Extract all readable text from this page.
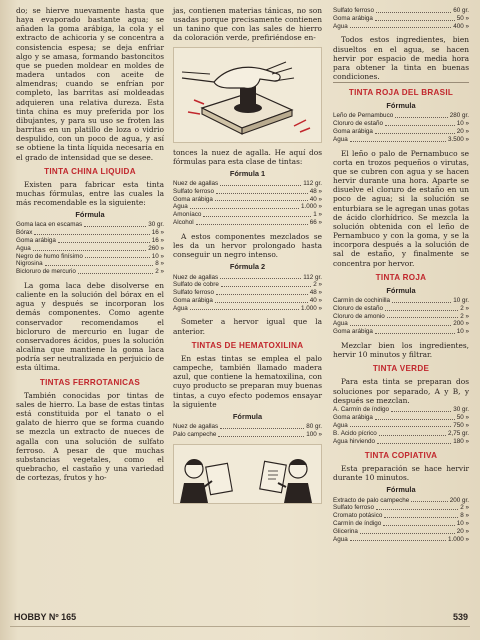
do; se hierve nuevamente hasta que haya evaporado bastante agua; se añaden la goma arábiga, la cola y el extracto de achicoria y se concentra a consistencia espesa; se deja enfriar algo y se amasa, formando bastoncitos que se pueden moldear en moldes de madera untados con aceite de almendras; cuando se enfrían por completo, las barritas así moldeadas adquieren una relativa dureza. Esta tinta china es muy preferida por los dibujantes, y para su uso se froten las barritas en un platillo de loza o vidrio despulido, con un poco de agua, y así se obtiene la tinta líquida necesaria en el grado de intensidad que se desee.

TINTA CHINA LIQUIDA

Existen para fabricar esta tinta muchas fórmulas, entre las cuales la más recomendable es la siguiente:

Fórmula
Goma laca en escamas	30 gr.
Bórax	16 »
Goma arábiga	16 »
Agua	260 »
Negro de humo finísimo	10 »
Nigrosina	8 »
Bicloruro de mercurio	2 »

La goma laca debe disolverse en caliente en la solución del bórax en el agua y después se incorporan los demás componentes. Como agente conservador recomendamos el bicloruro de mercurio en lugar de conservadores ácidos, pues la solución alcalina que mantiene la goma laca podría ser neutralizada en perjuicio de esta última.

TINTAS FERROTANICAS

También conocidas por tintas de sales de hierro. La base de estas tintas está constituida por el tanato o el galato de hierro que se forma cuando se mezcla un extracto de nueces de agalla con una solución de sulfato ferroso. A pesar de que muchas substancias vegetales, como el quebracho, el castaño y una variedad de cortezas, frutos y ho-

jas, contienen materias tánicas, no son usadas porque precisamente contienen un tanino que con las sales de hierro da coloración verde, prefiriéndose en-

tonces la nuez de agalla. He aquí dos fórmulas para esta clase de tintas:

Fórmula 1
Nuez de agallas	112 gr.
Sulfato ferroso	48 »
Goma arábiga	40 »
Agua	1.000 »
Amoníaco	1 »
Alcohol	66 »

A estos componentes mezclados se les da un hervor prolongado hasta conseguir un negro intenso.

Fórmula 2
Nuez de agallas	112 gr.
Sulfato de cobre	2 »
Sulfato ferroso	48 »
Goma arábiga	40 »
Agua	1.000 »

Someter a hervor igual que la anterior.

TINTAS DE HEMATOXILINA

En estas tintas se emplea el palo campeche, también llamado madera azul, que contiene la hematoxilina, con cuyo producto se preparan muy buenas tintas, a cuyo efecto podemos ensayar la siguiente

Fórmula
Nuez de agallas	80 gr.
Palo campeche	100 »
Sulfato ferroso	60 gr.
Goma arábiga	50 »
Agua	400 »

Todos estos ingredientes, bien disueltos en el agua, se hacen hervir por espacio de media hora para obtener la tinta en buenas condiciones.

TINTA ROJA DEL BRASIL
Fórmula
Leño de Pernambuco	280 gr.
Cloruro de estaño	10 »
Goma arábiga	20 »
Agua	3.500 »

El leño o palo de Pernambuco se corta en trozos pequeños o virutas, que se cubren con agua y se hacen hervir durante una hora. Aparte se disuelve el cloruro de estaño en un poco de agua; si la solución se enturbiara se le agregan unas gotas de ácido clorhídrico. Se mezcla la solución obtenida con el leño de Pernambuco y con la goma, y se la incorpora después a la solución de sal de estaño, y finalmente se concentra por hervor.

TINTA ROJA
Fórmula
Carmín de cochinilla	10 gr.
Cloruro de estaño	2 »
Cloruro de amonio	2 »
Agua	200 »
Goma arábiga	10 »

Mezclar bien los ingredientes, hervir 10 minutos y filtrar.

TINTA VERDE

Para esta tinta se preparan dos soluciones por separado, A y B, y después se mezclan.

A. Carmín de índigo	30 gr.
Goma arábiga	50 »
Agua	750 »
B. Ácido pícrico	2,75 gr.
Agua hirviendo	180 »
TINTA COPIATIVA

Esta preparación se hace hervir durante 10 minutos.

Fórmula
Extracto de palo campeche	200 gr.
Sulfato ferroso	2 »
Cromato potásico	8 »
Carmín de índigo	10 »
Glicerina	20 »
Agua	1.000 »
HOBBY Nº 165	539
